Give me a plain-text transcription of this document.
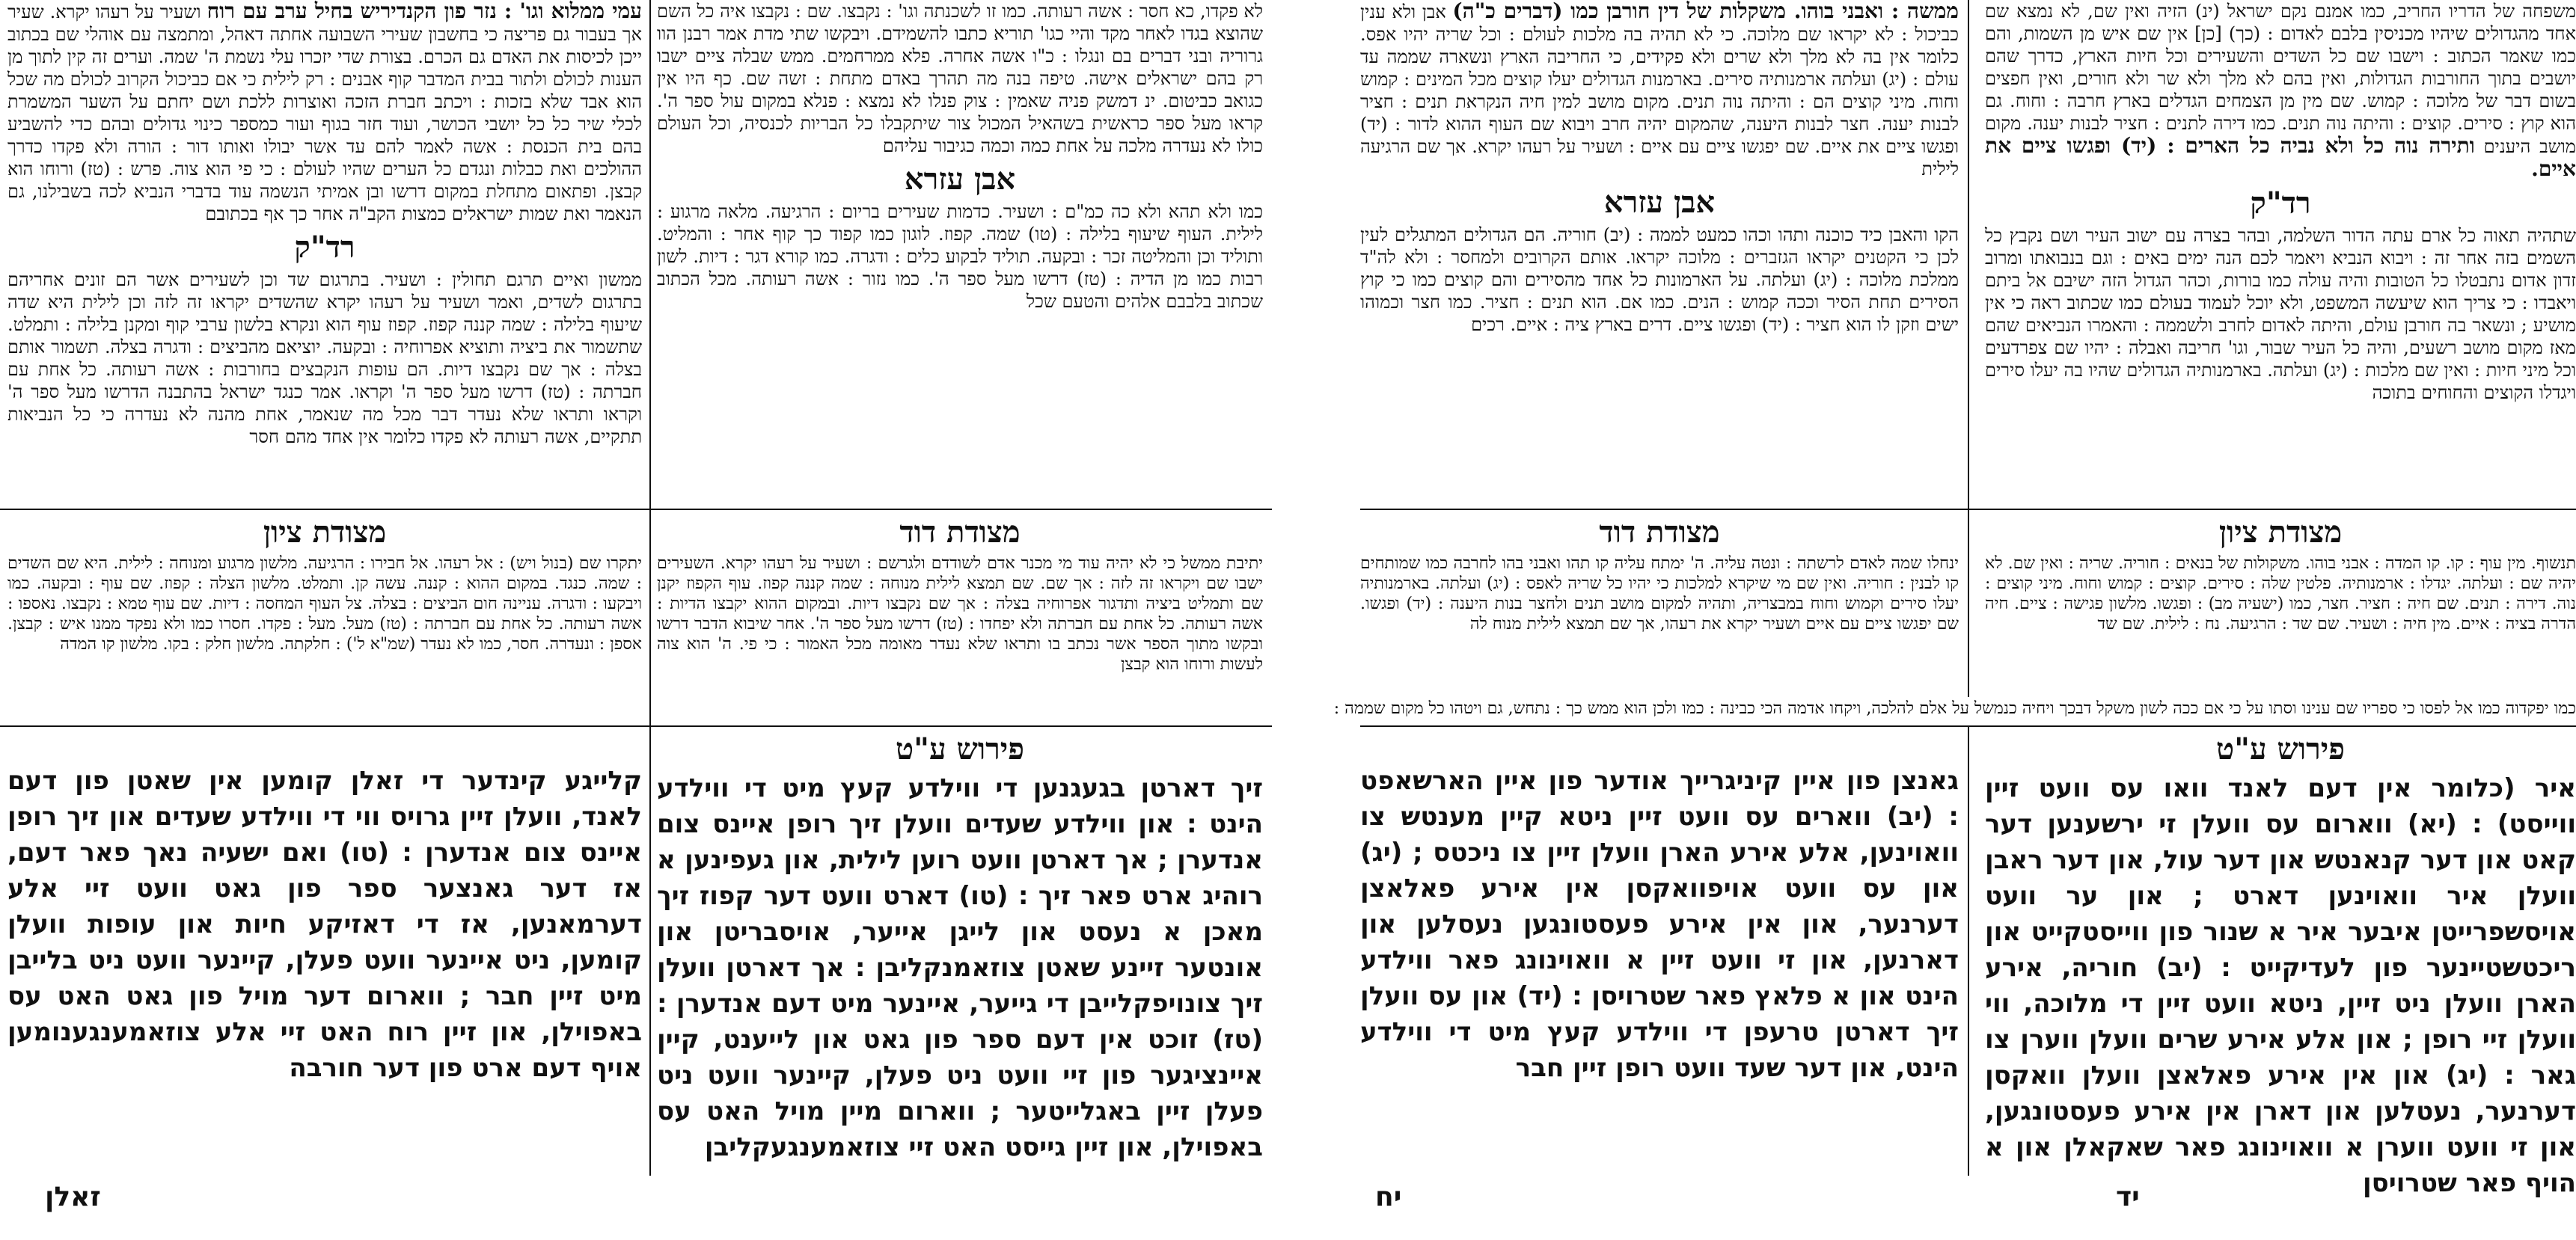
לא פקדו, כא חסר : אשה רעותה. כמו זו לשכנתה וגו' : נקבצו. שם : נקבצו איה כל השם שהוצא בגדו לאחר מקד והיי כגו' תוריא כתבו להשמידם. ויבקשו שתי מדת אמר רבנן הוו גרוריה ובני דברים בם ונגלו : כ"ו אשה אחרה. פלא ממרחמים. ממש שבלה ציים ישבו רק בהם ישראלים אישה. טיפה בנה מה תהרך באדם מתחת : זשה שם. כף היו אין כגואב כביטום. ינ דמשק פניה שאמין : צוק פנלו לא נמצא : פנלא במקום עול ספר ה'. קראו מעל ספר כראשית בשהאיל המכול צור שיתקבלו כל הבריות לכנסיה, וכל העולם כולו לא נעדרה מלכה על אחת כמה וכמה כגיבור עליהם
אבן עזרא
כמו ולא תהא ולא כה כמ"ם : ושעיר. כדמות שעירים בריום : הרגיעה. מלאה מרגוע : לילית. העוף שיעוף בלילה : (טו) שמה. קפוז. לוגון כמו קפוד כך קוף אחר : והמליט. ותוליד וכן והמליטה זכר : ובקעה. תוליד לבקוע כלים : ודגרה. כמו קורא דגר : דיות. לשון רבות כמו מן הדיה : (טז) דרשו מעל ספר ה'. כמו נזור : אשה רעותה. מכל הכתוב שכתוב בלבבם אלהים והטעם שכל
עמי ממלוא וגו' : נזר פון הקנדיריש בחיל ערב עם רוח ושעיר על רעהו יקרא. שעיר אך בעבור גם פריצה כי בחשבון שעירי השבועה אחתה דאהל, ומתמצה עם אוהלי שם בכתוב ייכן לכיסות את האדם גם הכרם. בצורת שדי יזכרו עלי נשמת ה' שמה. וערים זה קין לתוך מן הענות לכולם ולתור בבית המדבר קוף אבנים : רק לילית כי אם כביכול הקרוב לכולם מה שכל הוא אבד שלא בזכות : ויכתב חברת הזכה ואוצרות ללכת ושם יחתם על השער המשמרת לכלי שיר כל כל יושבי הכושר, ועוד חזר בגוף ועור כמספר כינוי גדולים ובהם כדי להשביע בהם בית הכנסת : אשה לאמר להם עד אשר יבולו ואותו דור : הורה ולא פקדו כדרך ההולכים ואת כבלות ונגדם כל הערים שהיו לעולם : כי פי הוא צוה. פרש : (טז) ורוחו הוא קבצן. ופתאום מתחלת במקום דרשו ובן אמיתי הנשמה עוד בדברי הנביא לכה בשבילנו, גם הנאמר ואת שמות ישראלים כמצות הקב"ה אחר כך אף בכתובם
רד"ק
ממשון ואיים תרגם תחולין : ושעיר. בתרגום שד וכן לשעירים אשר הם זונים אחריהם בתרגום לשדים, ואמר ושעיר על רעהו יקרא שהשדים יקראו זה לזה וכן לילית היא שדה שיעוף בלילה : שמה קננה קפוז. קפוז עוף הוא ונקרא בלשון ערבי קוף ומקנן בלילה : ותמלט. שתשמור את ביציה ותוציא אפרוחיה : ובקעה. יוציאם מהביצים : ודגרה בצלה. תשמור אותם בצלה : אך שם נקבצו דיות. הם עופות הנקבצים בחורבות : אשה רעותה. כל אחת עם חברתה : (טז) דרשו מעל ספר ה' וקראו. אמר כנגד ישראל בהתבנה הדרשו מעל ספר ה' וקראו ותראו שלא נעדר דבר מכל מה שנאמר, אחת מהנה לא נעדרה כי כל הנביאות תתקיים, אשה רעותה לא פקדו כלומר אין אחד מהם חסר
מצודת דוד
יתיבת ממשל כי לא יהיה עוד מי מכנר אדם לשודדם ולגרשם : ושעיר על רעהו יקרא. השעירים ישבו שם ויקראו זה לזה : אך שם. שם תמצא לילית מנוחה : שמה קננה קפוז. עוף הקפוז יקנן שם ותמליט ביציה ותדגור אפרוחיה בצלה : אך שם נקבצו דיות. ובמקום ההוא יקבצו הדיות : אשה רעותה. כל אחת עם חברתה ולא יפחדו : (טז) דרשו מעל ספר ה'. אחר שיבוא הדבר דרשו ובקשו מתוך הספר אשר נכתב בו ותראו שלא נעדר מאומה מכל האמור : כי פי. ה' הוא צוה לעשות ורוחו הוא קבצן
מצודת ציון
יתקרו שם (בנול ויש) : אל רעהו. אל חבירו : הרגיעה. מלשון מרגוע ומנוחה : לילית. היא שם השדים : שמה. כנגד. במקום ההוא : קננה. עשה קן. ותמלט. מלשון הצלה : קפוז. שם עוף : ובקעה. כמו ויבקעו : ודגרה. עניינה חום הביצים : בצלה. צל העוף המחסה : דיות. שם עוף טמא : נקבצו. נאספו : אשה רעותה. כל אחת עם חברתה : (טז) מעל. מעל : פקדו. חסרו כמו ולא נפקד ממנו איש : קבצן. אספן : ונעדרה. חסר, כמו לא נעדר (שמ"א ל') : חלקתה. מלשון חלק : בקו. מלשון קו המדה
פירוש ע"ט
זיך דארטן בגעגנען די ווילדע קעץ מיט די ווילדע הינט : און ווילדע שעדים וועלן זיך רופן איינס צום אנדערן ; אך דארטן וועט רוען לילית, און געפינען א רוהיג ארט פאר זיך : (טו) דארט וועט דער קפוז זיך מאכן א נעסט און לייגן אייער, אויסבריטן און אונטער זיינע שאטן צוזאמנקליבן : אך דארטן וועלן זיך צונויפקלייבן די גייער, איינער מיט דעם אנדערן : (טז) זוכט אין דעם ספר פון גאט און לייענט, קיין איינציגער פון זיי וועט ניט פעלן, קיינער וועט ניט פעלן זיין באגלייטער ; ווארום מיין מויל האט עס באפוילן, און זיין גייסט האט זיי צוזאמענגעקליבן
קלייגע קינדער די זאלן קומען אין שאטן פון דעם לאנד, וועלן זיין גרויס ווי די ווילדע שעדים און זיך רופן איינס צום אנדערן : (טו) ואם ישעיה נאך פאר דעם, אז דער גאנצער ספר פון גאט וועט זיי אלע דערמאנען, אז די דאזיקע חיות און עופות וועלן קומען, ניט איינער וועט פעלן, קיינער וועט ניט בלייבן מיט זיין חבר ; ווארום דער מויל פון גאט האט עס באפוילן, און זיין רוח האט זיי אלע צוזאמענגענומען אויף דעם ארט פון דער חורבה
זאלן
משפחה של הדריו החריב, כמו אמנם נקם ישראל (ינ) הזיה ואין שם, לא נמצא שם אחד מהגדולים שיהיו מכניסין בלבם לאדום : (כך) [כן] אין שם איש מן השמות, והם כמו שאמר הכתוב : וישבו שם כל השדים והשעירים וכל חיות הארץ, כדרך שהם יושבים בתוך החורבות הגדולות, ואין בהם לא מלך ולא שר ולא חורים, ואין חפצים בשום דבר של מלוכה : קמוש. שם מין מן הצמחים הגדלים בארץ חרבה : וחוח. גם הוא קוץ : סירים. קוצים : והיתה נוה תנים. כמו דירה לתנים : חציר לבנות יענה. מקום מושב היענים ותירה נוה כל ולא נביה כל הארים : (יד) ופגשו ציים את איים.
רד"ק
שתהיה תאוה כל ארם עתה הדור השלמה, ובהר בצרה עם ישוב העיר ושם נקבץ כל השמים בזה אחר זה : ויבוא הנביא ויאמר לכם הנה ימים באים : וגם בנבואתו ומרוב זדון אדום נתבטלו כל הטובות והיה עולה כמו בורות, וכהר הגדול הזה ישיבם אל ביתם ויאבדו : כי צריך הוא שיעשה המשפט, ולא יוכל לעמוד בעולם כמו שכתוב ראה כי אין מושיע ; ונשאר בה חורבן עולם, והיתה לאדום לחרב ולשממה : והאמרו הנביאים שהם מאז מקום מושב רשעים, והיה כל העיר שבור, וגו' חריבה ואבלה : יהיו שם צפרדעים וכל מיני חיות : ואין שם מלכות : (יג) ועלתה. בארמנותיה הגדולים שהיו בה יעלו סירים ויגדלו הקוצים והחוחים בתוכה
ממשה : ואבני בוהו. משקלות של דין חורבן כמו (דברים כ"ה) אבן ולא ענין כביכול : לא יקראו שם מלוכה. כי לא תהיה בה מלכות לעולם : וכל שריה יהיו אפס. כלומר אין בה לא מלך ולא שרים ולא פקידים, כי החריבה הארץ ונשארה שממה עד עולם : (יג) ועלתה ארמנותיה סירים. בארמנות הגדולים יעלו קוצים מכל המינים : קמוש וחוח. מיני קוצים הם : והיתה נוה תנים. מקום מושב למין חיה הנקראת תנים : חציר לבנות יענה. חצר לבנות היענה, שהמקום יהיה חרב ויבוא שם העוף ההוא לדור : (יד) ופגשו ציים את איים. שם יפגשו ציים עם איים : ושעיר על רעהו יקרא. אך שם הרגיעה לילית
אבן עזרא
הקו והאבן כיד כוכנה ותהו וכהו כמעט לממה : (יב) חוריה. הם הגדולים המתגלים לעין לכן כי הקטנים יקראו הגזברים : מלוכה יקראו. אותם הקרובים ולמחסר : ולא לה"ד ממלכת מלוכה : (יג) ועלתה. על הארמונות כל אחד מהסירים והם קוצים כמו כי קוץ הסירים תחת הסיר וככה קמוש : הנים. כמו אם. הוא תנים : חציר. כמו חצר וכמוהו ישים וזקן לו הוא חציר : (יד) ופגשו ציים. דרים בארץ ציה : איים. רכים
מצודת ציון
תנשוף. מין עוף : קו. קו המדה : אבני בוהו. משקולות של בנאים : חוריה. שריה : ואין שם. לא יהיה שם : ועלתה. יגדלו : ארמנותיה. פלטין שלה : סירים. קוצים : קמוש וחוח. מיני קוצים : נוה. דירה : תנים. שם חיה : חציר. חצר, כמו (ישעיה מב) : ופגשו. מלשון פגישה : ציים. חיה הדרה בציה : איים. מין חיה : ושעיר. שם שד : הרגיעה. נח : לילית. שם שד
מצודת דוד
ינחלו שמה לאדם לרשתה : ונטה עליה. ה' ימתח עליה קו תהו ואבני בהו לחרבה כמו שמותחים קו לבנין : חוריה. ואין שם מי שיקרא למלכות כי יהיו כל שריה לאפס : (יג) ועלתה. בארמנותיה יעלו סירים וקמוש וחוח במבצריה, ותהיה למקום מושב תנים ולחצר בנות היענה : (יד) ופגשו. שם יפגשו ציים עם איים ושעיר יקרא את רעהו, אך שם תמצא לילית מנוח לה
כמו יפקדוה כמו אל לפסו כי ספריו שם ענינו וסתו על כי אם ככה לשון משקל דבכך ויחיה כנמשל על אלם להלכה, ויקחו אדמה הכי כבינה : כמו ולכן הוא ממש כך : נתחש, גם ויטהו כל מקום שממה :
פירוש ע"ט
איר (כלומר אין דעם לאנד וואו עס וועט זיין ווייסט) : (יא) ווארום עס וועלן זי ירשענען דער קאט און דער קנאנטש און דער עול, און דער ראבן וועלן איר וואוינען דארט ; און ער וועט אויסשפרייטן איבער איר א שנור פון ווייסטקייט און ריכטשטיינער פון לעדיקייט : (יב) חוריה, אירע הארן וועלן ניט זיין, ניטא וועט זיין די מלוכה, ווי וועלן זיי רופן ; און אלע אירע שרים וועלן ווערן צו גאר : (יג) און אין אירע פאלאצן וועלן וואקסן דערנער, נעטלען און דארן אין אירע פעסטונגען, און זי וועט ווערן א וואוינונג פאר שאקאלן און א הויף פאר שטרויסן
גאנצן פון איין קיניגרייך אודער פון איין הארשאפט : (יב) ווארים עס וועט זיין ניטא קיין מענטש צו וואוינען, אלע אירע הארן וועלן זיין צו ניכטס ; (יג) און עס וועט אויפוואקסן אין אירע פאלאצן דערנער, און אין אירע פעסטונגען נעסלען און דארנען, און זי וועט זיין א וואוינונג פאר ווילדע הינט און א פלאץ פאר שטרויסן : (יד) און עס וועלן זיך דארטן טרעפן די ווילדע קעץ מיט די ווילדע הינט, און דער שעד וועט רופן זיין חבר
יח	יד
